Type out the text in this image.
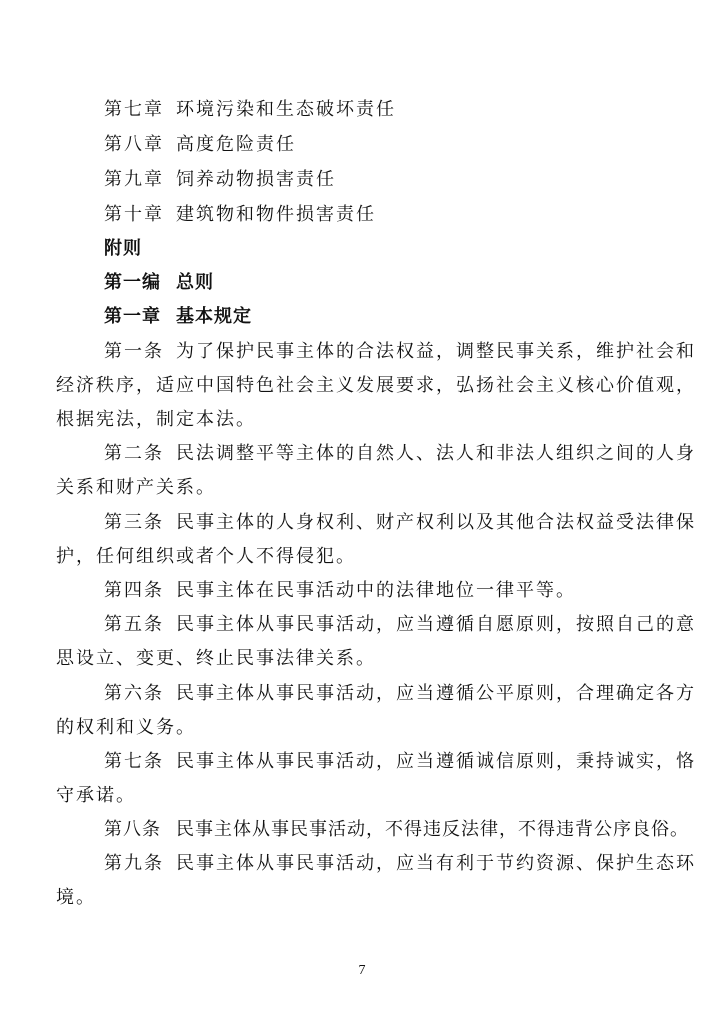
第七章 环境污染和生态破坏责任
第八章 高度危险责任
第九章 饲养动物损害责任
第十章 建筑物和物件损害责任
附则
第一编 总则
第一章 基本规定
第一条 为了保护民事主体的合法权益，调整民事关系，维护社会和
经济秩序，适应中国特色社会主义发展要求，弘扬社会主义核心价值观，
根据宪法，制定本法。
第二条 民法调整平等主体的自然人、法人和非法人组织之间的人身
关系和财产关系。
第三条 民事主体的人身权利、财产权利以及其他合法权益受法律保
护，任何组织或者个人不得侵犯。
第四条 民事主体在民事活动中的法律地位一律平等。
第五条 民事主体从事民事活动，应当遵循自愿原则，按照自己的意
思设立、变更、终止民事法律关系。
第六条 民事主体从事民事活动，应当遵循公平原则，合理确定各方
的权利和义务。
第七条 民事主体从事民事活动，应当遵循诚信原则，秉持诚实，恪
守承诺。
第八条 民事主体从事民事活动，不得违反法律，不得违背公序良俗。
第九条 民事主体从事民事活动，应当有利于节约资源、保护生态环
境。
7
